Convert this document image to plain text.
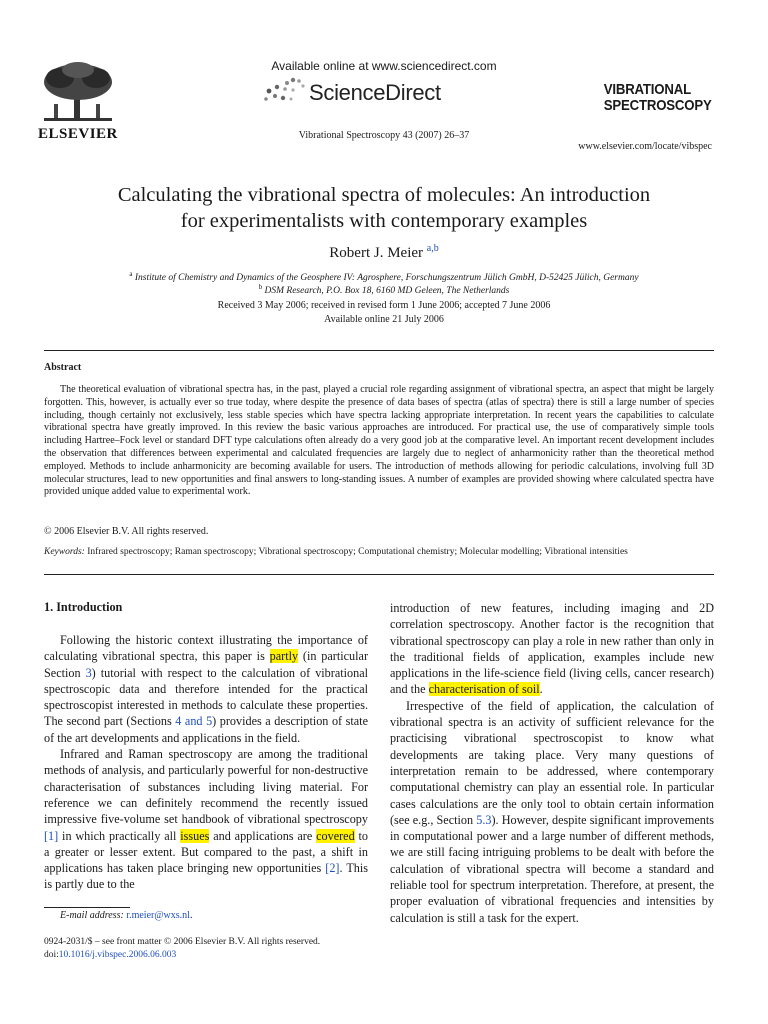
ELSEVIER
Available online at www.sciencedirect.com
ScienceDirect
Vibrational Spectroscopy 43 (2007) 26–37
VIBRATIONAL
SPECTROSCOPY
www.elsevier.com/locate/vibspec
Calculating the vibrational spectra of molecules: An introduction
for experimentalists with contemporary examples
Robert J. Meier $^{a,b}$
$^a$ Institute of Chemistry and Dynamics of the Geosphere IV: Agrosphere, Forschungszentrum Jülich GmbH, D-52425 Jülich, Germany
$^b$ DSM Research, P.O. Box 18, 6160 MD Geleen, The Netherlands
Received 3 May 2006; received in revised form 1 June 2006; accepted 7 June 2006
Available online 21 July 2006
Abstract

The theoretical evaluation of vibrational spectra has, in the past, played a crucial role regarding assignment of vibrational spectra, an aspect that might be largely forgotten. This, however, is actually ever so true today, where despite the presence of data bases of spectra (atlas of spectra) there is still a large number of species including, though certainly not exclusively, less stable species which have spectra lacking appropriate interpretation. In recent years the capabilities to calculate vibrational spectra have greatly improved. In this review the basic various approaches are introduced. For practical use, the use of comparatively simple tools including Hartree–Fock level or standard DFT type calculations often already do a very good job at the comparative level. An important recent development includes the observation that differences between experimental and calculated frequencies are largely due to neglect of anharmonicity rather than the theoretical method employed. Methods to include anharmonicity are becoming available for users. The introduction of methods allowing for periodic calculations, involving full 3D molecular structures, lead to new opportunities and final answers to long-standing issues. A number of examples are provided showing where calculated spectra have provided unique added value to experimental work.

© 2006 Elsevier B.V. All rights reserved.
Keywords: Infrared spectroscopy; Raman spectroscopy; Vibrational spectroscopy; Computational chemistry; Molecular modelling; Vibrational intensities
1. Introduction

Following the historic context illustrating the importance of calculating vibrational spectra, this paper is partly (in particular Section 3) tutorial with respect to the calculation of vibrational spectroscopic data and therefore intended for the practical spectroscopist interested in methods to calculate these properties. The second part (Sections 4 and 5) provides a description of state of the art developments and applications in the field.

Infrared and Raman spectroscopy are among the traditional methods of analysis, and particularly powerful for non-destructive characterisation of substances including living material. For reference we can definitely recommend the recently issued impressive five-volume set handbook of vibrational spectroscopy [1] in which practically all issues and applications are covered to a greater or lesser extent. But compared to the past, a shift in applications has taken place bringing new opportunities [2]. This is partly due to the

introduction of new features, including imaging and 2D correlation spectroscopy. Another factor is the recognition that vibrational spectroscopy can play a role in new rather than only in the traditional fields of application, examples include new applications in the life-science field (living cells, cancer research) and the characterisation of soil.

Irrespective of the field of application, the calculation of vibrational spectra is an activity of sufficient relevance for the practicising vibrational spectroscopist to know what developments are taking place. Very many questions of interpretation remain to be addressed, where contemporary computational chemistry can play an essential role. In particular cases calculations are the only tool to obtain certain information (see e.g., Section 5.3). However, despite significant improvements in computational power and a large number of different methods, we are still facing intriguing problems to be dealt with before the calculation of vibrational spectra will become a standard and reliable tool for spectrum interpretation. Therefore, at present, the proper evaluation of vibrational frequencies and intensities by calculation is still a task for the expert.

E-mail address: r.meier@wxs.nl.
0924-2031/$ – see front matter © 2006 Elsevier B.V. All rights reserved.
doi:10.1016/j.vibspec.2006.06.003
